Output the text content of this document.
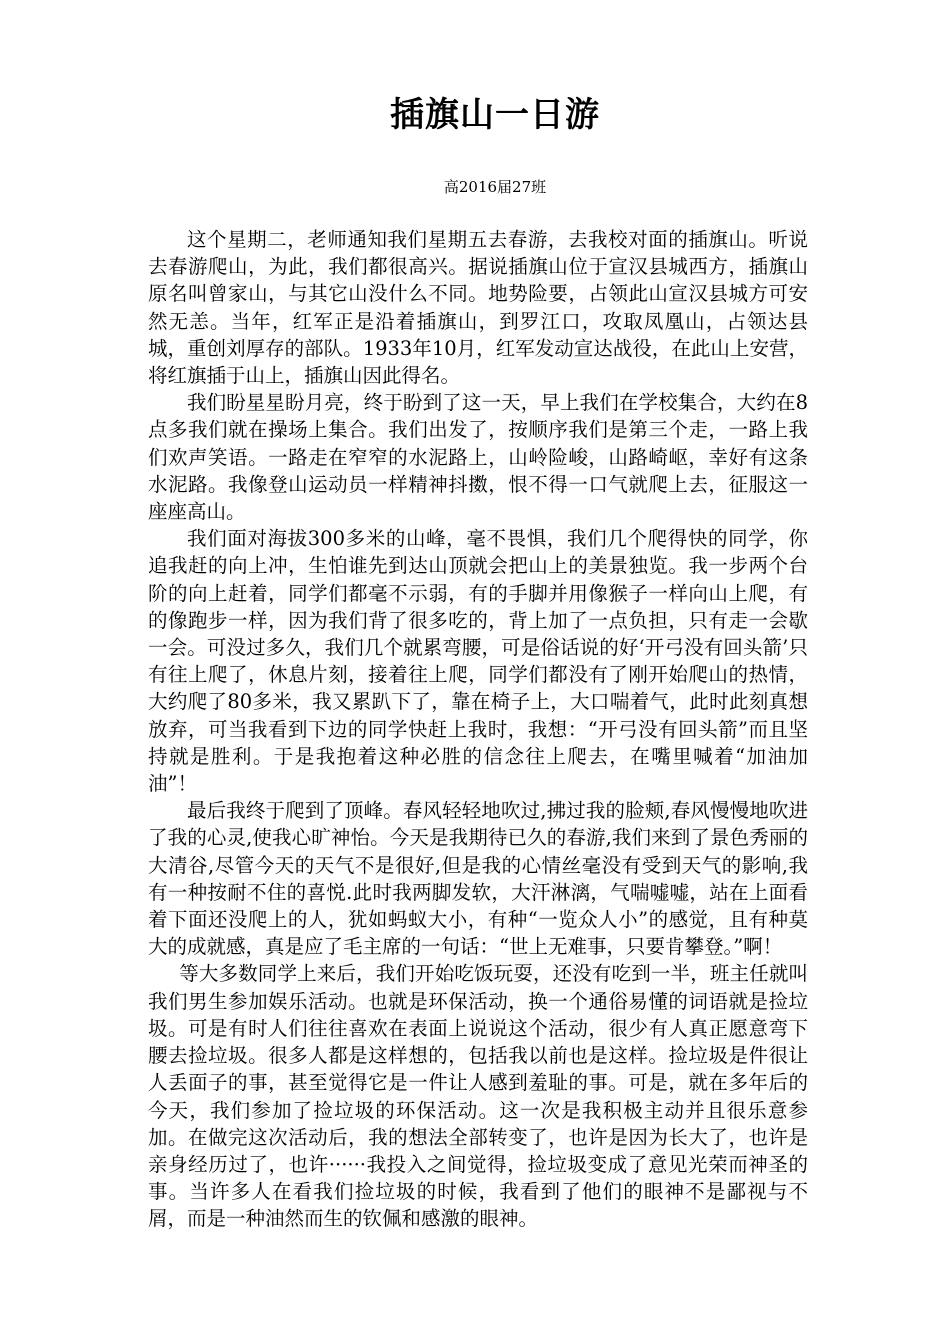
插旗山一日游
高2016届27班

这个星期二，老师通知我们星期五去春游，去我校对面的插旗山。听说去春游爬山，为此，我们都很高兴。据说插旗山位于宣汉县城西方，插旗山原名叫曾家山，与其它山没什么不同。地势险要，占领此山宣汉县城方可安然无恙。当年，红军正是沿着插旗山，到罗江口，攻取凤凰山，占领达县城，重创刘厚存的部队。1933年10月，红军发动宣达战役，在此山上安营，将红旗插于山上，插旗山因此得名。

我们盼星星盼月亮，终于盼到了这一天，早上我们在学校集合，大约在8点多我们就在操场上集合。我们出发了，按顺序我们是第三个走，一路上我们欢声笑语。一路走在窄窄的水泥路上，山岭险峻，山路崎岖，幸好有这条水泥路。我像登山运动员一样精神抖擞，恨不得一口气就爬上去，征服这一座座高山。

我们面对海拔300多米的山峰，毫不畏惧，我们几个爬得快的同学，你追我赶的向上冲，生怕谁先到达山顶就会把山上的美景独览。我一步两个台阶的向上赶着，同学们都毫不示弱，有的手脚并用像猴子一样向山上爬，有的像跑步一样，因为我们背了很多吃的，背上加了一点负担，只有走一会歇一会。可没过多久，我们几个就累弯腰，可是俗话说的好‘开弓没有回头箭’只有往上爬了，休息片刻，接着往上爬，同学们都没有了刚开始爬山的热情，大约爬了80多米，我又累趴下了，靠在椅子上，大口喘着气，此时此刻真想放弃，可当我看到下边的同学快赶上我时，我想：“开弓没有回头箭”而且坚持就是胜利。于是我抱着这种必胜的信念往上爬去，在嘴里喊着“加油加油”！

最后我终于爬到了顶峰。春风轻轻地吹过,拂过我的脸颊,春风慢慢地吹进了我的心灵,使我心旷神怡。今天是我期待已久的春游,我们来到了景色秀丽的大清谷,尽管今天的天气不是很好,但是我的心情丝毫没有受到天气的影响,我有一种按耐不住的喜悦.此时我两脚发软，大汗淋漓，气喘嘘嘘，站在上面看着下面还没爬上的人，犹如蚂蚁大小，有种“一览众人小”的感觉，且有种莫大的成就感，真是应了毛主席的一句话：“世上无难事，只要肯攀登。”啊！

等大多数同学上来后，我们开始吃饭玩耍，还没有吃到一半，班主任就叫我们男生参加娱乐活动。也就是环保活动，换一个通俗易懂的词语就是捡垃圾。可是有时人们往往喜欢在表面上说说这个活动，很少有人真正愿意弯下腰去捡垃圾。很多人都是这样想的，包括我以前也是这样。捡垃圾是件很让人丢面子的事，甚至觉得它是一件让人感到羞耻的事。可是，就在多年后的今天，我们参加了捡垃圾的环保活动。这一次是我积极主动并且很乐意参加。在做完这次活动后，我的想法全部转变了，也许是因为长大了，也许是亲身经历过了，也许······我投入之间觉得，捡垃圾变成了意见光荣而神圣的事。当许多人在看我们捡垃圾的时候，我看到了他们的眼神不是鄙视与不屑，而是一种油然而生的钦佩和感激的眼神。
